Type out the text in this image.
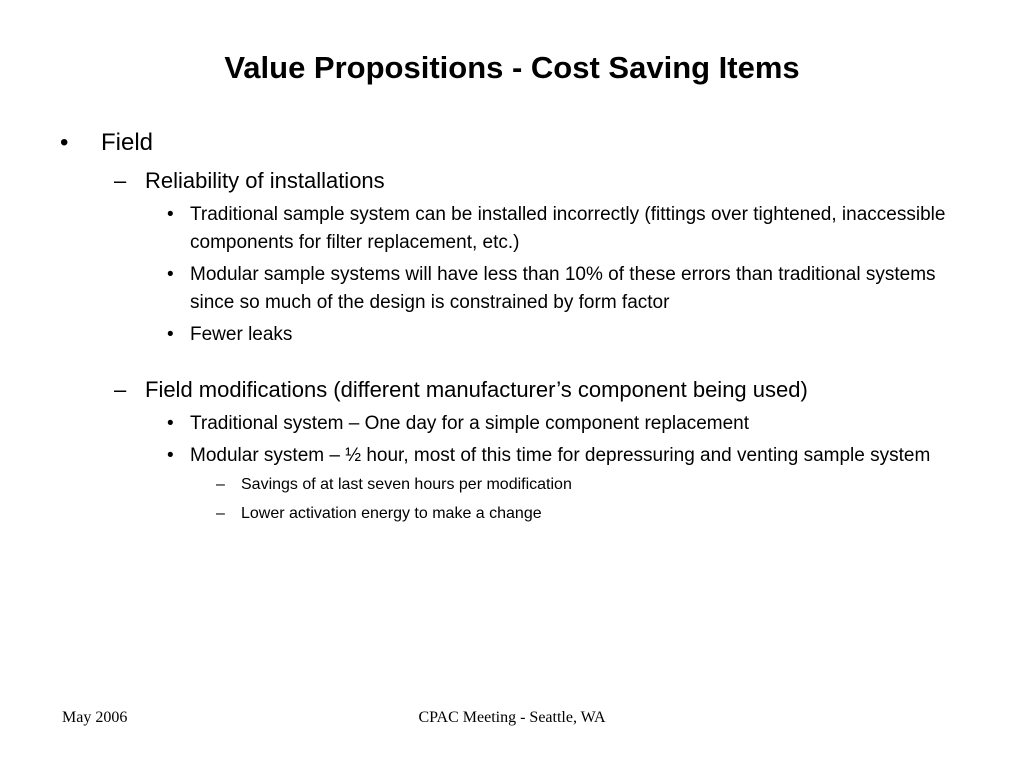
Value Propositions - Cost Saving Items
• Field
– Reliability of installations
• Traditional sample system can be installed incorrectly (fittings over tightened, inaccessible components for filter replacement, etc.)
• Modular sample systems will have less than 10% of these errors than traditional systems since so much of the design is constrained by form factor
• Fewer leaks
– Field modifications (different manufacturer’s component being used)
• Traditional system – One day for a simple component replacement
• Modular system – ½ hour, most of this time for depressuring and venting sample system
– Savings of at last seven hours per modification
– Lower activation energy to make a change
May 2006	CPAC Meeting - Seattle, WA
